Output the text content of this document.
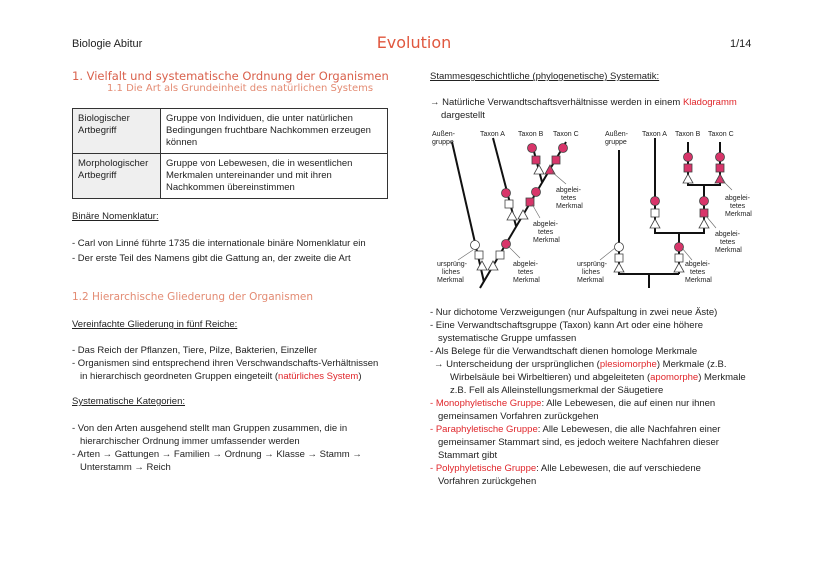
Biologie Abitur	Evolution	1/14
1. Vielfalt und systematische Ordnung der Organismen
1.1 Die Art als Grundeinheit des natürlichen Systems
Biologischer Artbegriff	Gruppe von Individuen, die unter natürlichen Bedingungen fruchtbare Nachkommen erzeugen können
Morphologischer Artbegriff	Gruppe von Lebewesen, die in wesentlichen Merkmalen untereinander und mit ihren Nachkommen übereinstimmen
Binäre Nomenklatur:
- Carl von Linné führte 1735 die internationale binäre Nomenklatur ein
- Der erste Teil des Namens gibt die Gattung an, der zweite die Art
1.2 Hierarchische Gliederung der Organismen
Vereinfachte Gliederung in fünf Reiche:
- Das Reich der Pflanzen, Tiere, Pilze, Bakterien, Einzeller
- Organismen sind entsprechend ihren Verschwandschafts-Verhältnissen
in hierarchisch geordneten Gruppen eingeteilt (natürliches System)
Systematische Kategorien:
- Von den Arten ausgehend stellt man Gruppen zusammen, die in
hierarchischer Ordnung immer umfassender werden
- Arten → Gattungen → Familien → Ordnung → Klasse → Stamm →
Unterstamm → Reich
Stammesgeschichtliche (phylogenetische) Systematik:
→ Natürliche Verwandtschaftsverhältnisse werden in einem Kladogramm
dargestellt
Außen-
gruppe
Taxon A Taxon B Taxon C
abgelei-
tetes
Merkmal
abgelei-
tetes
Merkmal
abgelei-
tetes
Merkmal
ursprüng-
liches
Merkmal
Außen-
gruppe
Taxon A Taxon B Taxon C
abgelei-
tetes
Merkmal
abgelei-
tetes
Merkmal
abgelei-
tetes
Merkmal
ursprüng-
liches
Merkmal
- Nur dichotome Verzweigungen (nur Aufspaltung in zwei neue Äste)
- Eine Verwandtschaftsgruppe (Taxon) kann Art oder eine höhere
systematische Gruppe umfassen
- Als Belege für die Verwandtschaft dienen homologe Merkmale
→ Unterscheidung der ursprünglichen (plesiomorphe) Merkmale (z.B.
Wirbelsäule bei Wirbeltieren) und abgeleiteten (apomorphe) Merkmale
z.B. Fell als Alleinstellungsmerkmal der Säugetiere
- Monophyletische Gruppe: Alle Lebewesen, die auf einen nur ihnen
gemeinsamen Vorfahren zurückgehen
- Paraphyletische Gruppe: Alle Lebewesen, die alle Nachfahren einer
gemeinsamer Stammart sind, es jedoch weitere Nachfahren dieser
Stammart gibt
- Polyphyletische Gruppe: Alle Lebewesen, die auf verschiedene
Vorfahren zurückgehen
